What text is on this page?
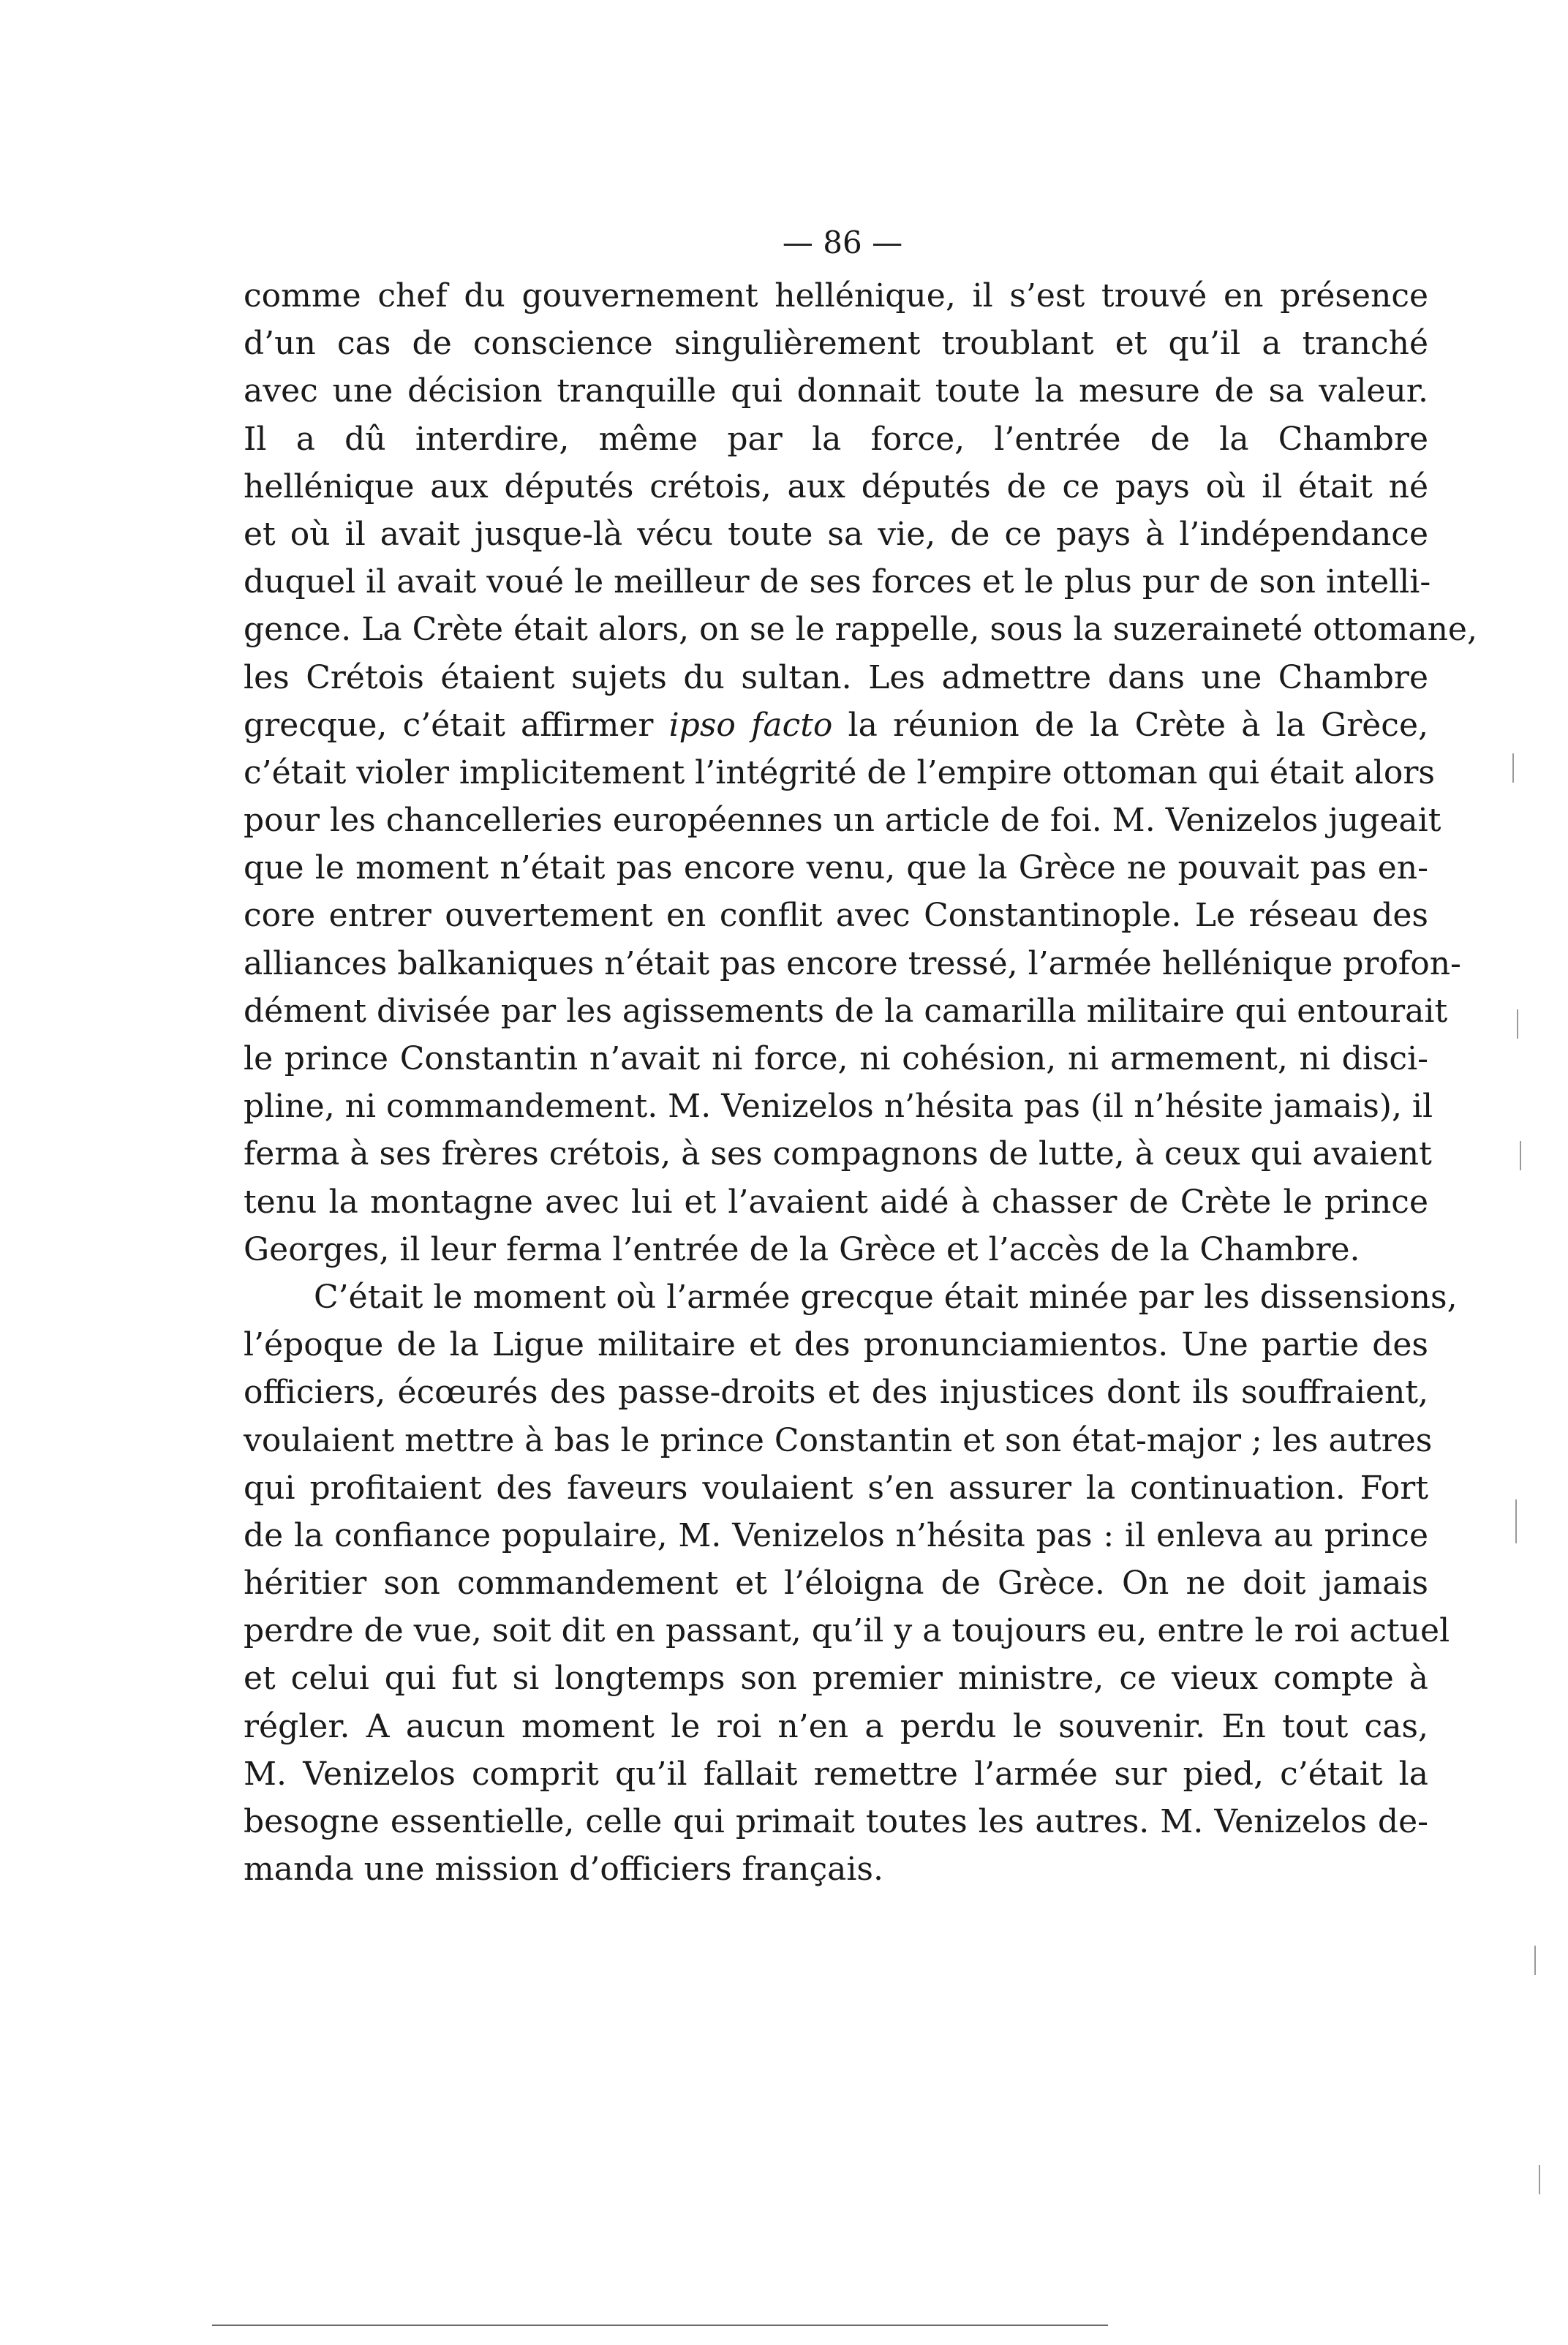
— 86 —
comme chef du gouvernement hellénique, il s’est trouvé en présence
d’un cas de conscience singulièrement troublant et qu’il a tranché
avec une décision tranquille qui donnait toute la mesure de sa valeur.
Il a dû interdire, même par la force, l’entrée de la Chambre
hellénique aux députés crétois, aux députés de ce pays où il était né
et où il avait jusque-là vécu toute sa vie, de ce pays à l’indépendance
duquel il avait voué le meilleur de ses forces et le plus pur de son intelli-
gence. La Crète était alors, on se le rappelle, sous la suzeraineté ottomane,
les Crétois étaient sujets du sultan. Les admettre dans une Chambre
grecque, c’était affirmer ipso facto la réunion de la Crète à la Grèce,
c’était violer implicitement l’intégrité de l’empire ottoman qui était alors
pour les chancelleries européennes un article de foi. M. Venizelos jugeait
que le moment n’était pas encore venu, que la Grèce ne pouvait pas en-
core entrer ouvertement en conflit avec Constantinople. Le réseau des
alliances balkaniques n’était pas encore tressé, l’armée hellénique profon-
dément divisée par les agissements de la camarilla militaire qui entourait
le prince Constantin n’avait ni force, ni cohésion, ni armement, ni disci-
pline, ni commandement. M. Venizelos n’hésita pas (il n’hésite jamais), il
ferma à ses frères crétois, à ses compagnons de lutte, à ceux qui avaient
tenu la montagne avec lui et l’avaient aidé à chasser de Crète le prince
Georges, il leur ferma l’entrée de la Grèce et l’accès de la Chambre.
C’était le moment où l’armée grecque était minée par les dissensions,
l’époque de la Ligue militaire et des pronunciamientos. Une partie des
officiers, écœurés des passe-droits et des injustices dont ils souffraient,
voulaient mettre à bas le prince Constantin et son état-major ; les autres
qui profitaient des faveurs voulaient s’en assurer la continuation. Fort
de la confiance populaire, M. Venizelos n’hésita pas : il enleva au prince
héritier son commandement et l’éloigna de Grèce. On ne doit jamais
perdre de vue, soit dit en passant, qu’il y a toujours eu, entre le roi actuel
et celui qui fut si longtemps son premier ministre, ce vieux compte à
régler. A aucun moment le roi n’en a perdu le souvenir. En tout cas,
M. Venizelos comprit qu’il fallait remettre l’armée sur pied, c’était la
besogne essentielle, celle qui primait toutes les autres. M. Venizelos de-
manda une mission d’officiers français.
